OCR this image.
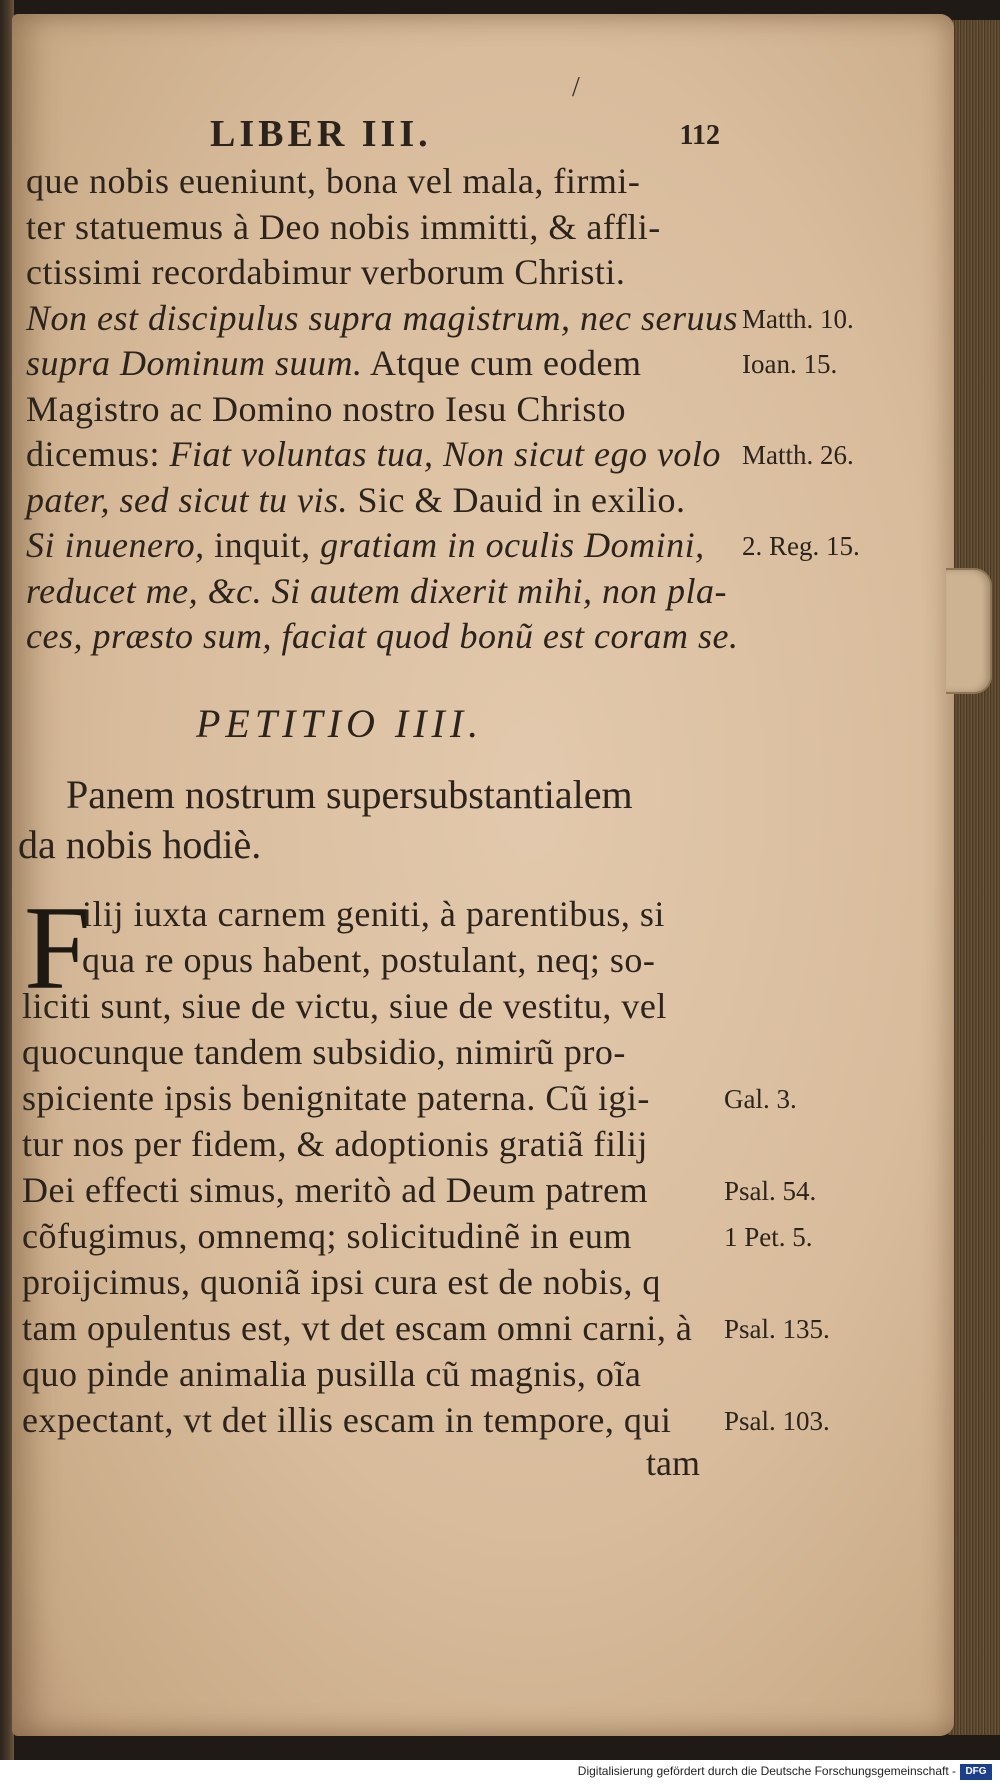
/
LIBER III.	112
que nobis eueniunt, bona vel mala, firmi-
ter statuemus à Deo nobis immitti, & affli-
ctissimi recordabimur verborum Christi.
Non est discipulus supra magistrum, nec seruus
supra Dominum suum. Atque cum eodem
Magistro ac Domino nostro Iesu Christo
dicemus: Fiat voluntas tua, Non sicut ego volo
pater, sed sicut tu vis. Sic & Dauid in exilio.
Si inuenero, inquit, gratiam in oculis Domini,
reducet me, &c. Si autem dixerit mihi, non pla-
ces, præsto sum, faciat quod bonũ est coram se.
Matth. 10.
Ioan. 15.
Matth. 26.
2. Reg. 15.
PETITIO IIII.
Panem nostrum supersubstantialem
da nobis hodiè.
F
ilij iuxta carnem geniti, à parentibus, si
qua re opus habent, postulant, neq; so-
liciti sunt, siue de victu, siue de vestitu, vel
quocunque tandem subsidio, nimirũ pro-
spiciente ipsis benignitate paterna. Cũ igi-
tur nos per fidem, & adoptionis gratiã filij
Dei effecti simus, meritò ad Deum patrem
cõfugimus, omnemq; solicitudinẽ in eum
proijcimus, quoniã ipsi cura est de nobis, q
tam opulentus est, vt det escam omni carni, à
quo pinde animalia pusilla cũ magnis, oĩa
expectant, vt det illis escam in tempore, qui
Gal. 3.
Psal. 54.
1 Pet. 5.
Psal. 135.
Psal. 103.
tam
Digitalisierung gefördert durch die Deutsche Forschungsgemeinschaft - DFG
